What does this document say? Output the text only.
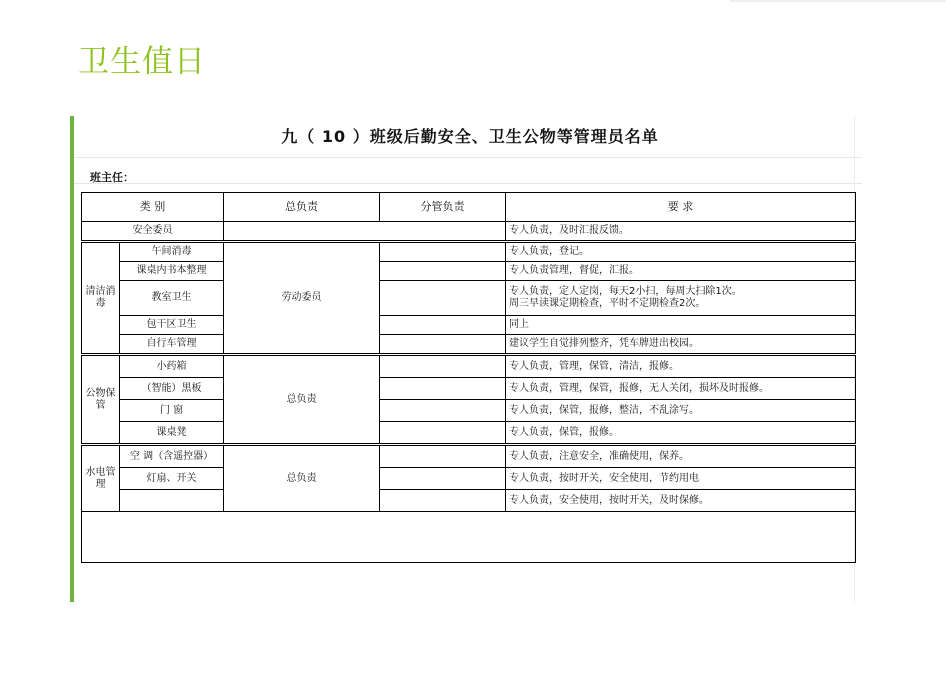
卫生值日
九（ 10 ）班级后勤安全、卫生公物等管理员名单
班主任：
类 别		总负责	分管负责	要 求
安全委员				专人负责，及时汇报反馈。
清洁消毒	午间消毒	劳动委员		专人负责，登记。
	课桌内书本整理			专人负责管理，督促，汇报。
	教室卫生			专人负责，定人定岗，每天2小扫，每周大扫除1次。
周三早读课定期检查，平时不定期检查2次。

	包干区卫生			同上
	自行车管理			建议学生自觉排列整齐，凭车牌进出校园。
公物保管	小药箱	总负责		专人负责，管理，保管，清洁，报修。
	（智能）黑板			专人负责，管理，保管，报修，无人关闭，损坏及时报修。
	门 窗			专人负责，保管，报修，整洁，不乱涂写。
	课桌凳			专人负责，保管，报修。
水电管理	空 调（含遥控器）	总负责		专人负责，注意安全，准确使用，保养。
	灯扇、开关			专人负责，按时开关，安全使用，节约用电
				专人负责，安全使用，按时开关，及时保修。
